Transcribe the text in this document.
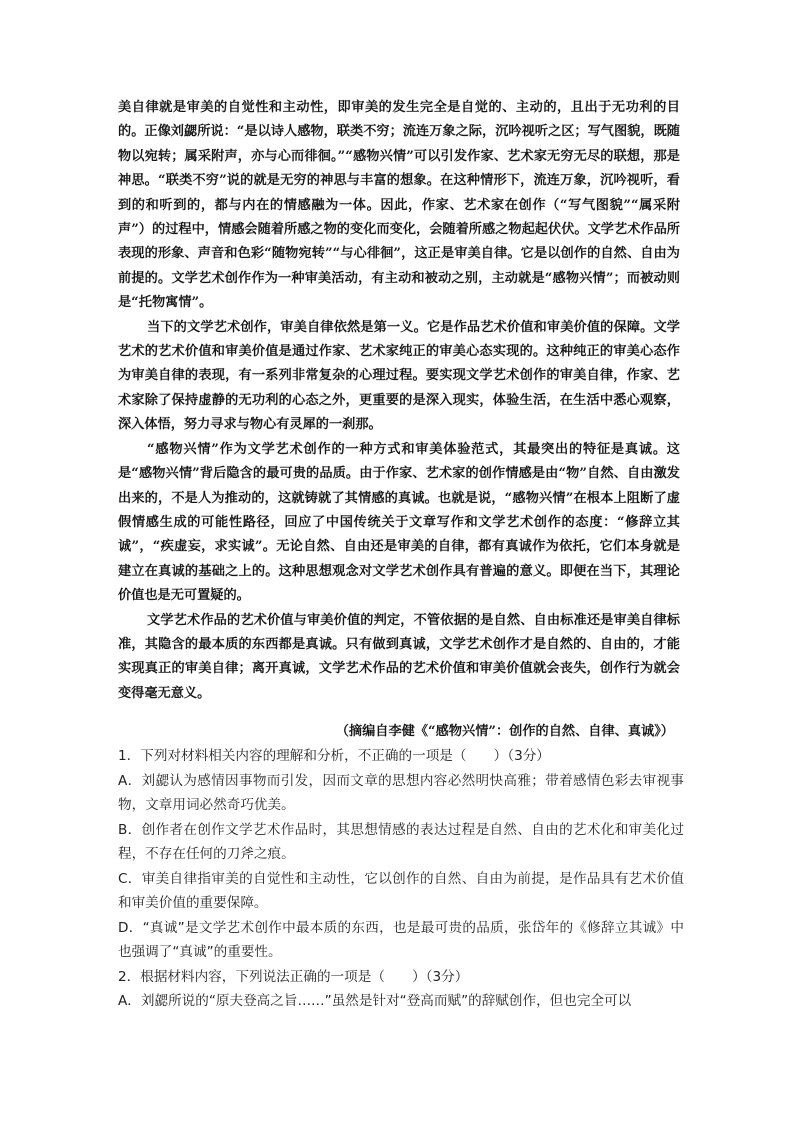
美自律就是审美的自觉性和主动性，即审美的发生完全是自觉的、主动的，且出于无功利的目的。正像刘勰所说：“是以诗人感物，联类不穷；流连万象之际，沉吟视听之区；写气图貌，既随物以宛转；属采附声，亦与心而徘徊。”“感物兴情”可以引发作家、艺术家无穷无尽的联想，那是神思。“联类不穷”说的就是无穷的神思与丰富的想象。在这种情形下，流连万象，沉吟视听，看到的和听到的，都与内在的情感融为一体。因此，作家、艺术家在创作（“写气图貌”“属采附声”）的过程中，情感会随着所感之物的变化而变化，会随着所感之物起起伏伏。文学艺术作品所表现的形象、声音和色彩“随物宛转”“与心徘徊”，这正是审美自律。它是以创作的自然、自由为前提的。文学艺术创作作为一种审美活动，有主动和被动之别，主动就是“感物兴情”；而被动则是“托物寓情”。

当下的文学艺术创作，审美自律依然是第一义。它是作品艺术价值和审美价值的保障。文学艺术的艺术价值和审美价值是通过作家、艺术家纯正的审美心态实现的。这种纯正的审美心态作为审美自律的表现，有一系列非常复杂的心理过程。要实现文学艺术创作的审美自律，作家、艺术家除了保持虚静的无功利的心态之外，更重要的是深入现实，体验生活，在生活中悉心观察，深入体悟，努力寻求与物心有灵犀的一刹那。

“感物兴情”作为文学艺术创作的一种方式和审美体验范式，其最突出的特征是真诚。这是“感物兴情”背后隐含的最可贵的品质。由于作家、艺术家的创作情感是由“物”自然、自由激发出来的，不是人为推动的，这就铸就了其情感的真诚。也就是说，“感物兴情”在根本上阻断了虚假情感生成的可能性路径，回应了中国传统关于文章写作和文学艺术创作的态度：“修辞立其诚”，“疾虚妄，求实诚”。无论自然、自由还是审美的自律，都有真诚作为依托，它们本身就是建立在真诚的基础之上的。这种思想观念对文学艺术创作具有普遍的意义。即便在当下，其理论价值也是无可置疑的。

文学艺术作品的艺术价值与审美价值的判定，不管依据的是自然、自由标准还是审美自律标准，其隐含的最本质的东西都是真诚。只有做到真诚，文学艺术创作才是自然的、自由的，才能实现真正的审美自律；离开真诚，文学艺术作品的艺术价值和审美价值就会丧失，创作行为就会变得毫无意义。

（摘编自李健《“感物兴情”：创作的自然、自律、真诚》）

1．下列对材料相关内容的理解和分析，不正确的一项是（　　）（3分）

A．刘勰认为感情因事物而引发，因而文章的思想内容必然明快高雅；带着感情色彩去审视事物，文章用词必然奇巧优美。

B．创作者在创作文学艺术作品时，其思想情感的表达过程是自然、自由的艺术化和审美化过程，不存在任何的刀斧之痕。

C．审美自律指审美的自觉性和主动性，它以创作的自然、自由为前提，是作品具有艺术价值和审美价值的重要保障。

D．“真诚”是文学艺术创作中最本质的东西，也是最可贵的品质，张岱年的《修辞立其诚》中也强调了“真诚”的重要性。

2．根据材料内容，下列说法正确的一项是（　　）（3分）

A．刘勰所说的“原夫登高之旨……”虽然是针对“登高而赋”的辞赋创作，但也完全可以
